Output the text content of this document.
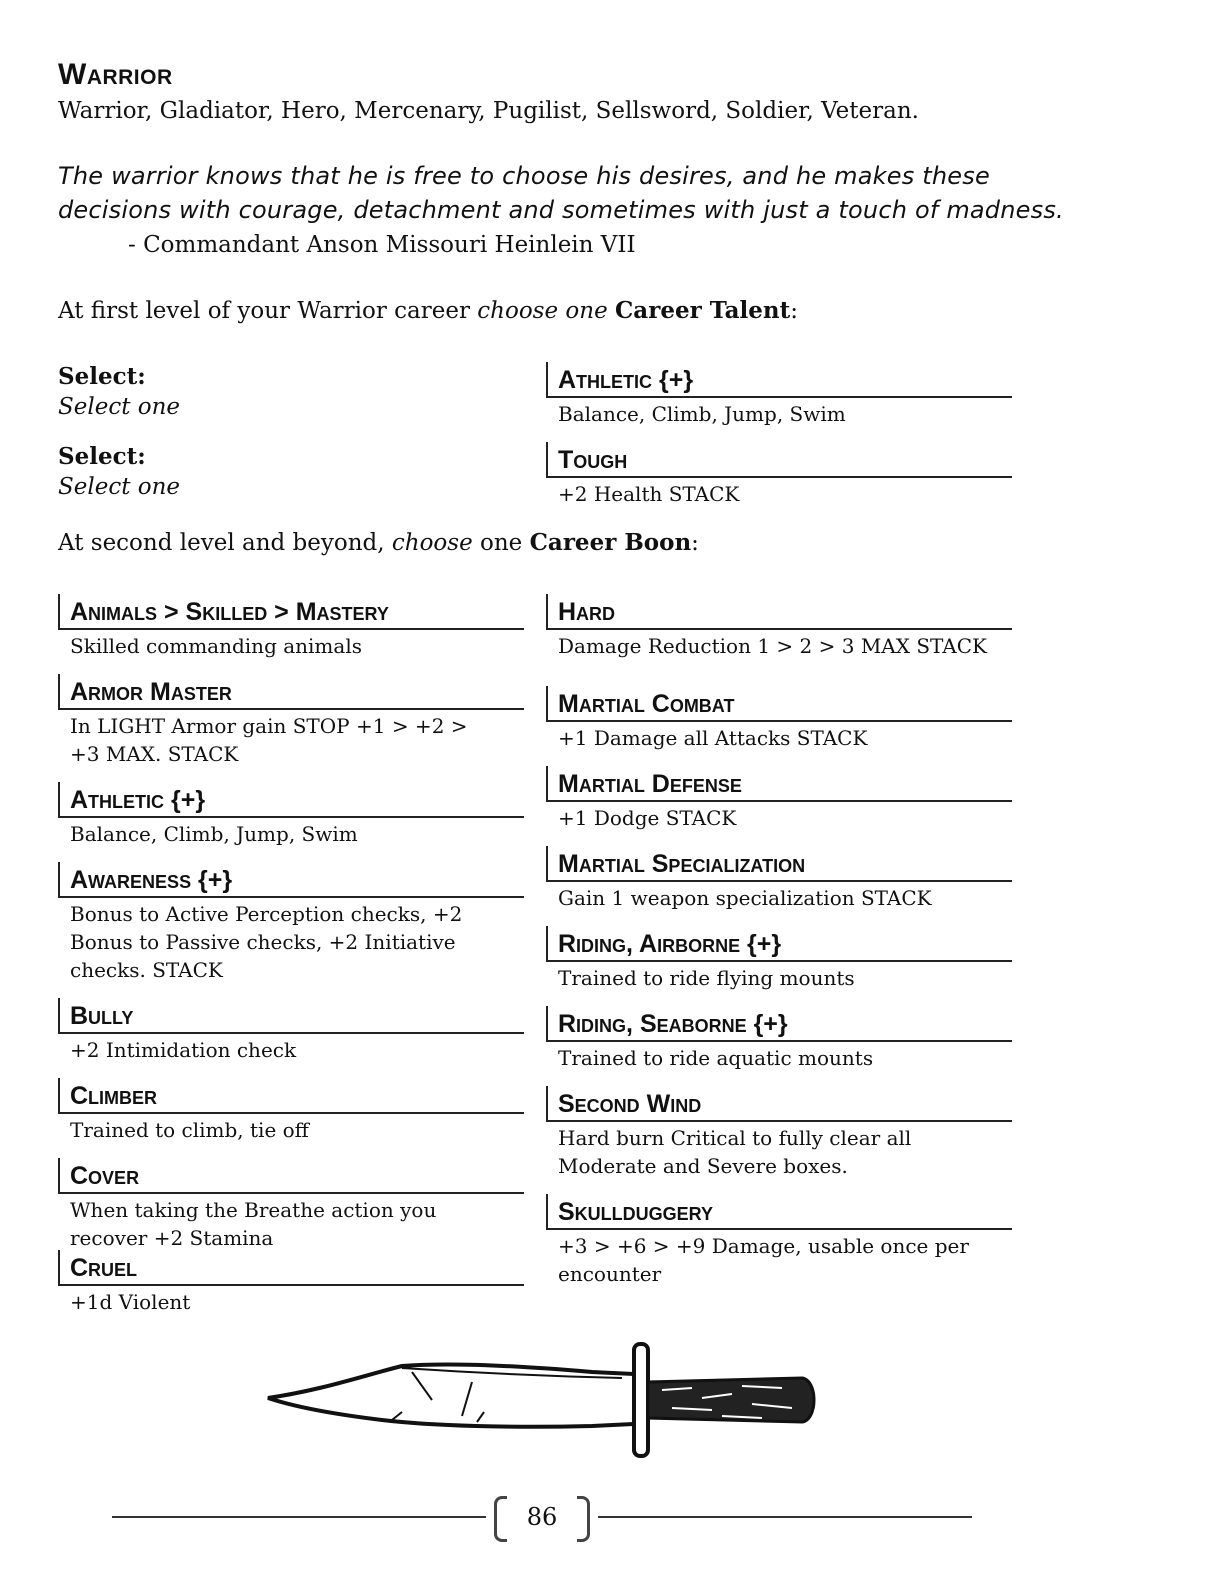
Warrior
Warrior, Gladiator, Hero, Mercenary, Pugilist, Sellsword, Soldier, Veteran.
The warrior knows that he is free to choose his desires, and he makes these
decisions with courage, detachment and sometimes with just a touch of madness.
- Commandant Anson Missouri Heinlein VII
At first level of your Warrior career choose one Career Talent:
Select:
Select one
Select:
Select one
Athletic {+}
Balance, Climb, Jump, Swim
Tough
+2 Health STACK
At second level and beyond, choose one Career Boon:
Animals > Skilled > Mastery
Skilled commanding animals
Armor Master
In LIGHT Armor gain STOP +1 > +2 > +3 MAX. STACK
Athletic {+}
Balance, Climb, Jump, Swim
Awareness {+}
Bonus to Active Perception checks, +2 Bonus to Passive checks, +2 Initiative checks. STACK
Bully
+2 Intimidation check
Climber
Trained to climb, tie off
Cover
When taking the Breathe action you recover +2 Stamina
Cruel
+1d Violent
Hard
Damage Reduction 1 > 2 > 3 MAX STACK
Martial Combat
+1 Damage all Attacks STACK
Martial Defense
+1 Dodge STACK
Martial Specialization
Gain 1 weapon specialization STACK
Riding, Airborne {+}
Trained to ride flying mounts
Riding, Seaborne {+}
Trained to ride aquatic mounts
Second Wind
Hard burn Critical to fully clear all Moderate and Severe boxes.
Skullduggery
+3 > +6 > +9 Damage, usable once per encounter
86
